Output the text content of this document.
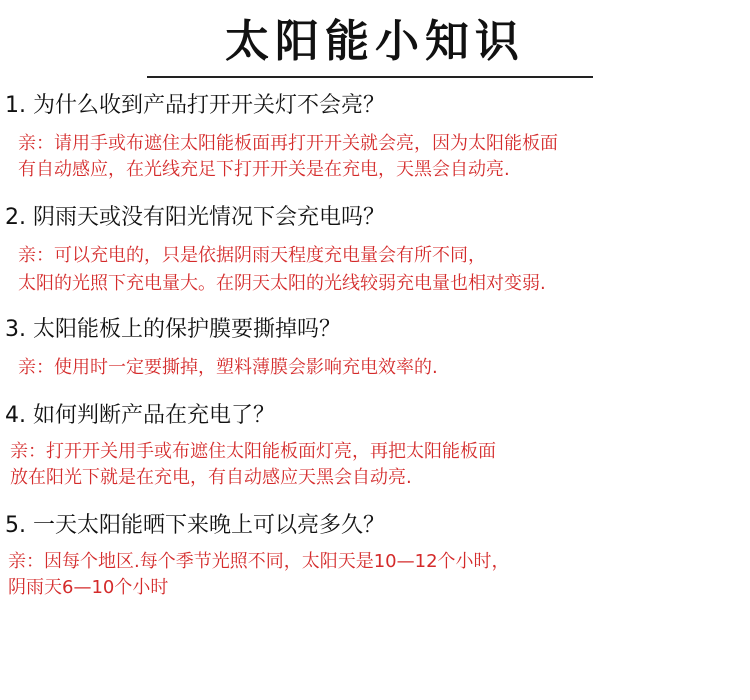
太阳能小知识
1. 为什么收到产品打开开关灯不会亮？
亲：请用手或布遮住太阳能板面再打开开关就会亮，因为太阳能板面
有自动感应，在光线充足下打开开关是在充电，天黑会自动亮.
2. 阴雨天或没有阳光情况下会充电吗？
亲：可以充电的，只是依据阴雨天程度充电量会有所不同，
太阳的光照下充电量大。在阴天太阳的光线较弱充电量也相对变弱.
3. 太阳能板上的保护膜要撕掉吗？
亲：使用时一定要撕掉，塑料薄膜会影响充电效率的.
4. 如何判断产品在充电了？
亲：打开开关用手或布遮住太阳能板面灯亮，再把太阳能板面
放在阳光下就是在充电，有自动感应天黑会自动亮.
5. 一天太阳能晒下来晚上可以亮多久？
亲：因每个地区.每个季节光照不同，太阳天是10—12个小时，
阴雨天6—10个小时
